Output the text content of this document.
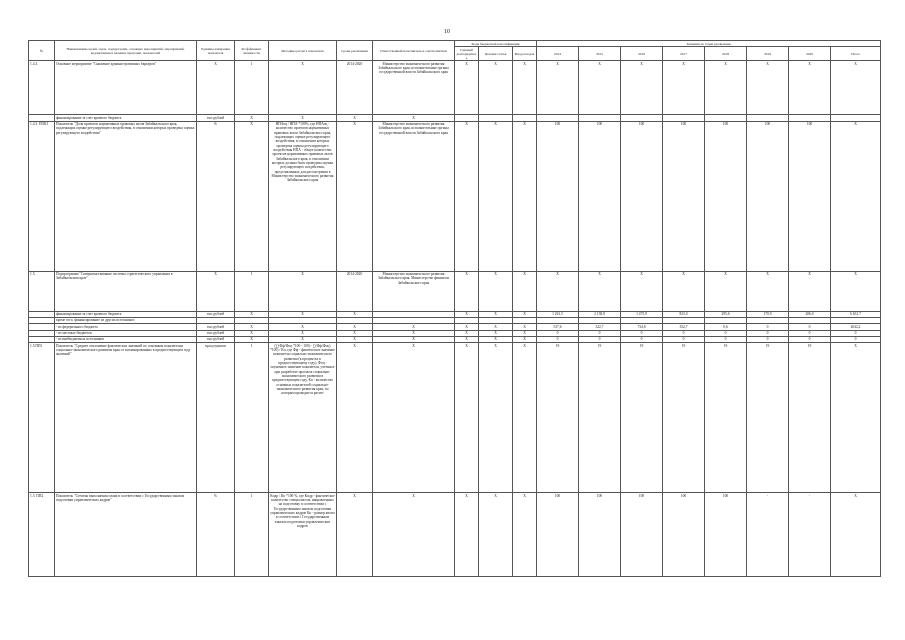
10
№	Наименование целей, задач, подпрограмм, основных мероприятий, мероприятий, ведомственных целевых программ, показателей	Единица измерения показателя	Коэффициент значимости	Методика расчета показателя	Сроки реализации	Ответственный исполнитель и соисполнители	Коды бюджетной классификации			Значения по годам реализации							
							Главный распорядитель	Целевая статья	Вид расходов	2014	2015	2016	2017	2018	2019	2020	Итого
1.4.3.	Основное мероприятие "Снижение административных барьеров"	X	1	X	2014-2020	Министерство экономического развития Забайкальского края, исполнительные органы государственной власти Забайкальского края	X	X	X	X	X	X	X	X	X	X	X
	финансирование за счет краевого бюджета	тыс.рублей	X	X	X	X											
1.4.3. ПОКI	Показатель "Доля проектов нормативных правовых актов Забайкальского края, подлежащих оценке регулирующего воздействия, в отношении которых проведена оценка регулирующего воздействия"	%	X	НПАоц / НПА *100%, где НПАоц - количество проектов нормативных правовых актов Забайкальского края, подлежащих оценке регулирующего воздействия, в отношении которых проведена оценка регулирующего воздействия НПА - общее количество проектов нормативных правовых актов Забайкальского края, в отношении которых должна быть проведена оценка регулирующего воздействия, представленных для рассмотрения в Министерство экономического развития Забайкальского края	X	Министерство экономического развития Забайкальского края, исполнительные органы государственной власти Забайкальского края	X	X	X	100	100	100	100	100	100	100	X
1.5.	Подпрограмма "Совершенствование системы стратегического управления в Забайкальском крае"	X	1	X	2014-2020	Министерство экономического развития Забайкальского края, Министерство финансов Забайкальского края	X	X	X	X	X	X	X	X	X	X	X
	финансирование за счет краевого бюджета	тыс.рублей	X	X	X		X	X	X	1 261,5	2 138,8	1 475,9	823,0	295,6	170,9	206,0	6 631,7
	кроме того, финансирование из других источников:																
	- из федерального бюджета	тыс.рублей	X	X	X	X	X	X	X	537,6	322,7	734,8	352,7	0,6	0	0	2042,2
	- из местных бюджетов	тыс.рублей	X	X	X	X	X	X	X	0	0	0	0	0	0	0	0
	- из внебюджетных источников	тыс.рублей	X	X	X	X	X	X	X	0	0	0	0	0	0	0	0
1.5.ПП1	Показатель "Среднее отклонение фактических значений по основным показателям социально-экономического развития края от запланированных в предшествующем году значений"	проц.пунктов	1	(∑(Фф/Фоц *100 - 100) - ∑(Фф/Фоц) *100) / Кп, где Фф - фактическое значение показателя социально-экономического развития (в процентах к предшествующему году), Фоц - оценочное значение показателя, учтенное при разработке прогноза социально-экономического развития в предшествующем году, Кп - количество основных показателей социально-экономического развития края, по которым проводится расчет	X	X	X	X	X	19	19	19	19	19	19	19	X
1.5. ПП2	Показатель "Степень выполнения плана в соответствии с Государственным заказом подготовки управленческих кадров"	%	1	Кпдр / Кп *100 %, где Кпдр - фактическое количество специалистов, направленных на подготовку в соответствии с Государственным заказом подготовки управленческих кадров Кп - размер квоты в соответствии с Государственным заказом подготовки управленческих кадров	X	X	X	X	X	100	100	100	100	100	-	-	X
